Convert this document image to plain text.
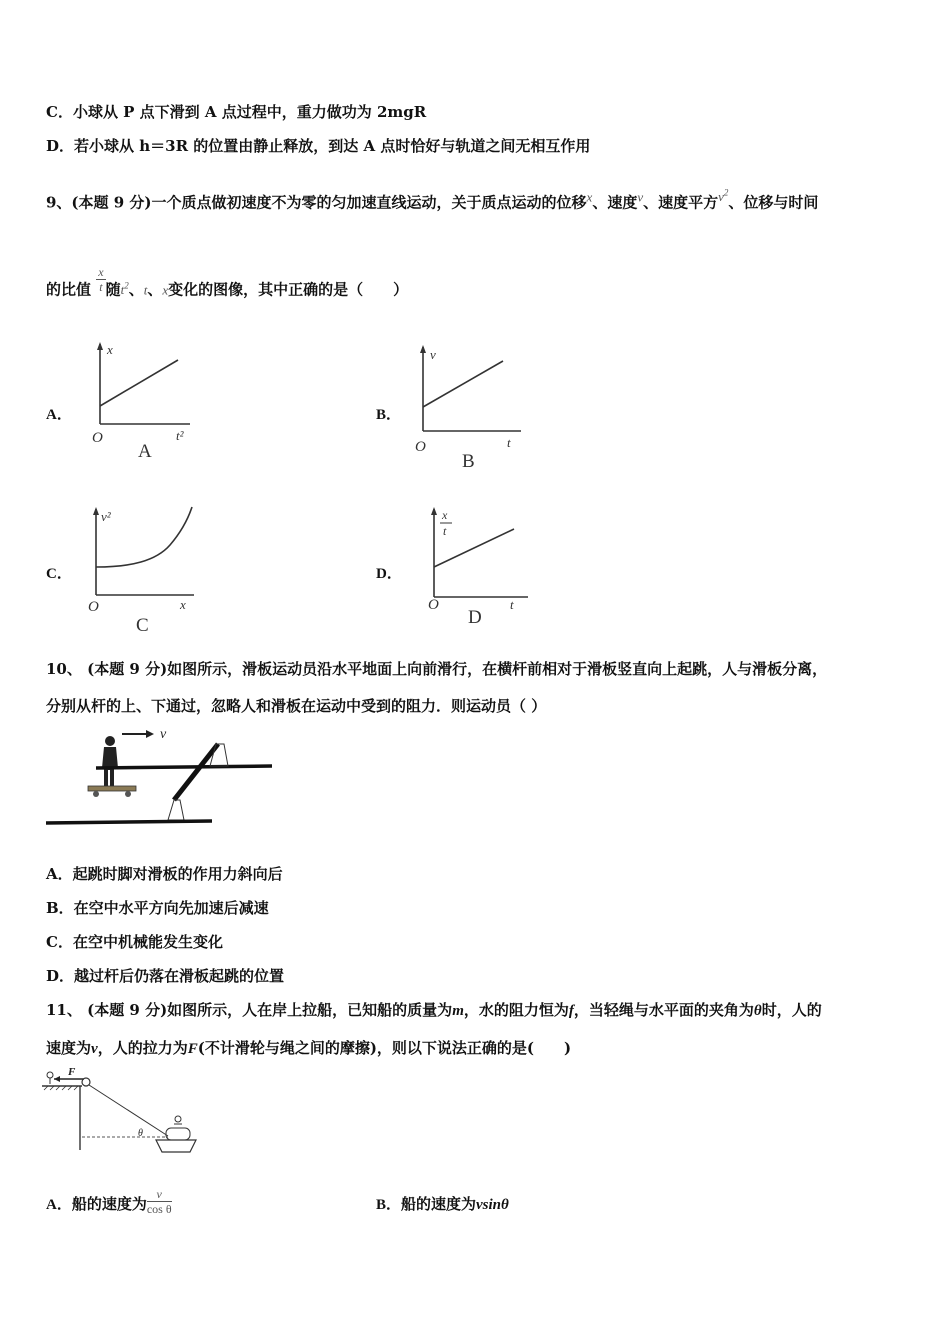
C．小球从 P 点下滑到 A 点过程中，重力做功为 2mgR
D．若小球从 h＝3R 的位置由静止释放，到达 A 点时恰好与轨道之间无相互作用
9、(本题 9 分)一个质点做初速度不为零的匀加速直线运动，关于质点运动的位移$^x$、速度$^v$、速度平方$^{v^2}$、位移与时间
的比值 $\frac{x}{t}$ 随$t^2$、t、x变化的图像，其中正确的是（　　）
A．	B．
C．	D．
x
t²
O
A
v
t
O
B
v²
x
O
C
x
t
t
O
D
10、 (本题 9 分)如图所示，滑板运动员沿水平地面上向前滑行，在横杆前相对于滑板竖直向上起跳，人与滑板分离，
分别从杆的上、下通过，忽略人和滑板在运动中受到的阻力．则运动员（ ）
v
A．起跳时脚对滑板的作用力斜向后
B．在空中水平方向先加速后减速
C．在空中机械能发生变化
D．越过杆后仍落在滑板起跳的位置
11、 (本题 9 分)如图所示，人在岸上拉船，已知船的质量为m，水的阻力恒为f，当轻绳与水平面的夹角为θ时，人的
速度为v，人的拉力为F(不计滑轮与绳之间的摩擦)，则以下说法正确的是(　　)
F
θ
A．船的速度为 $\frac{v}{\text{cos θ}}$	B．船的速度为vsinθ
